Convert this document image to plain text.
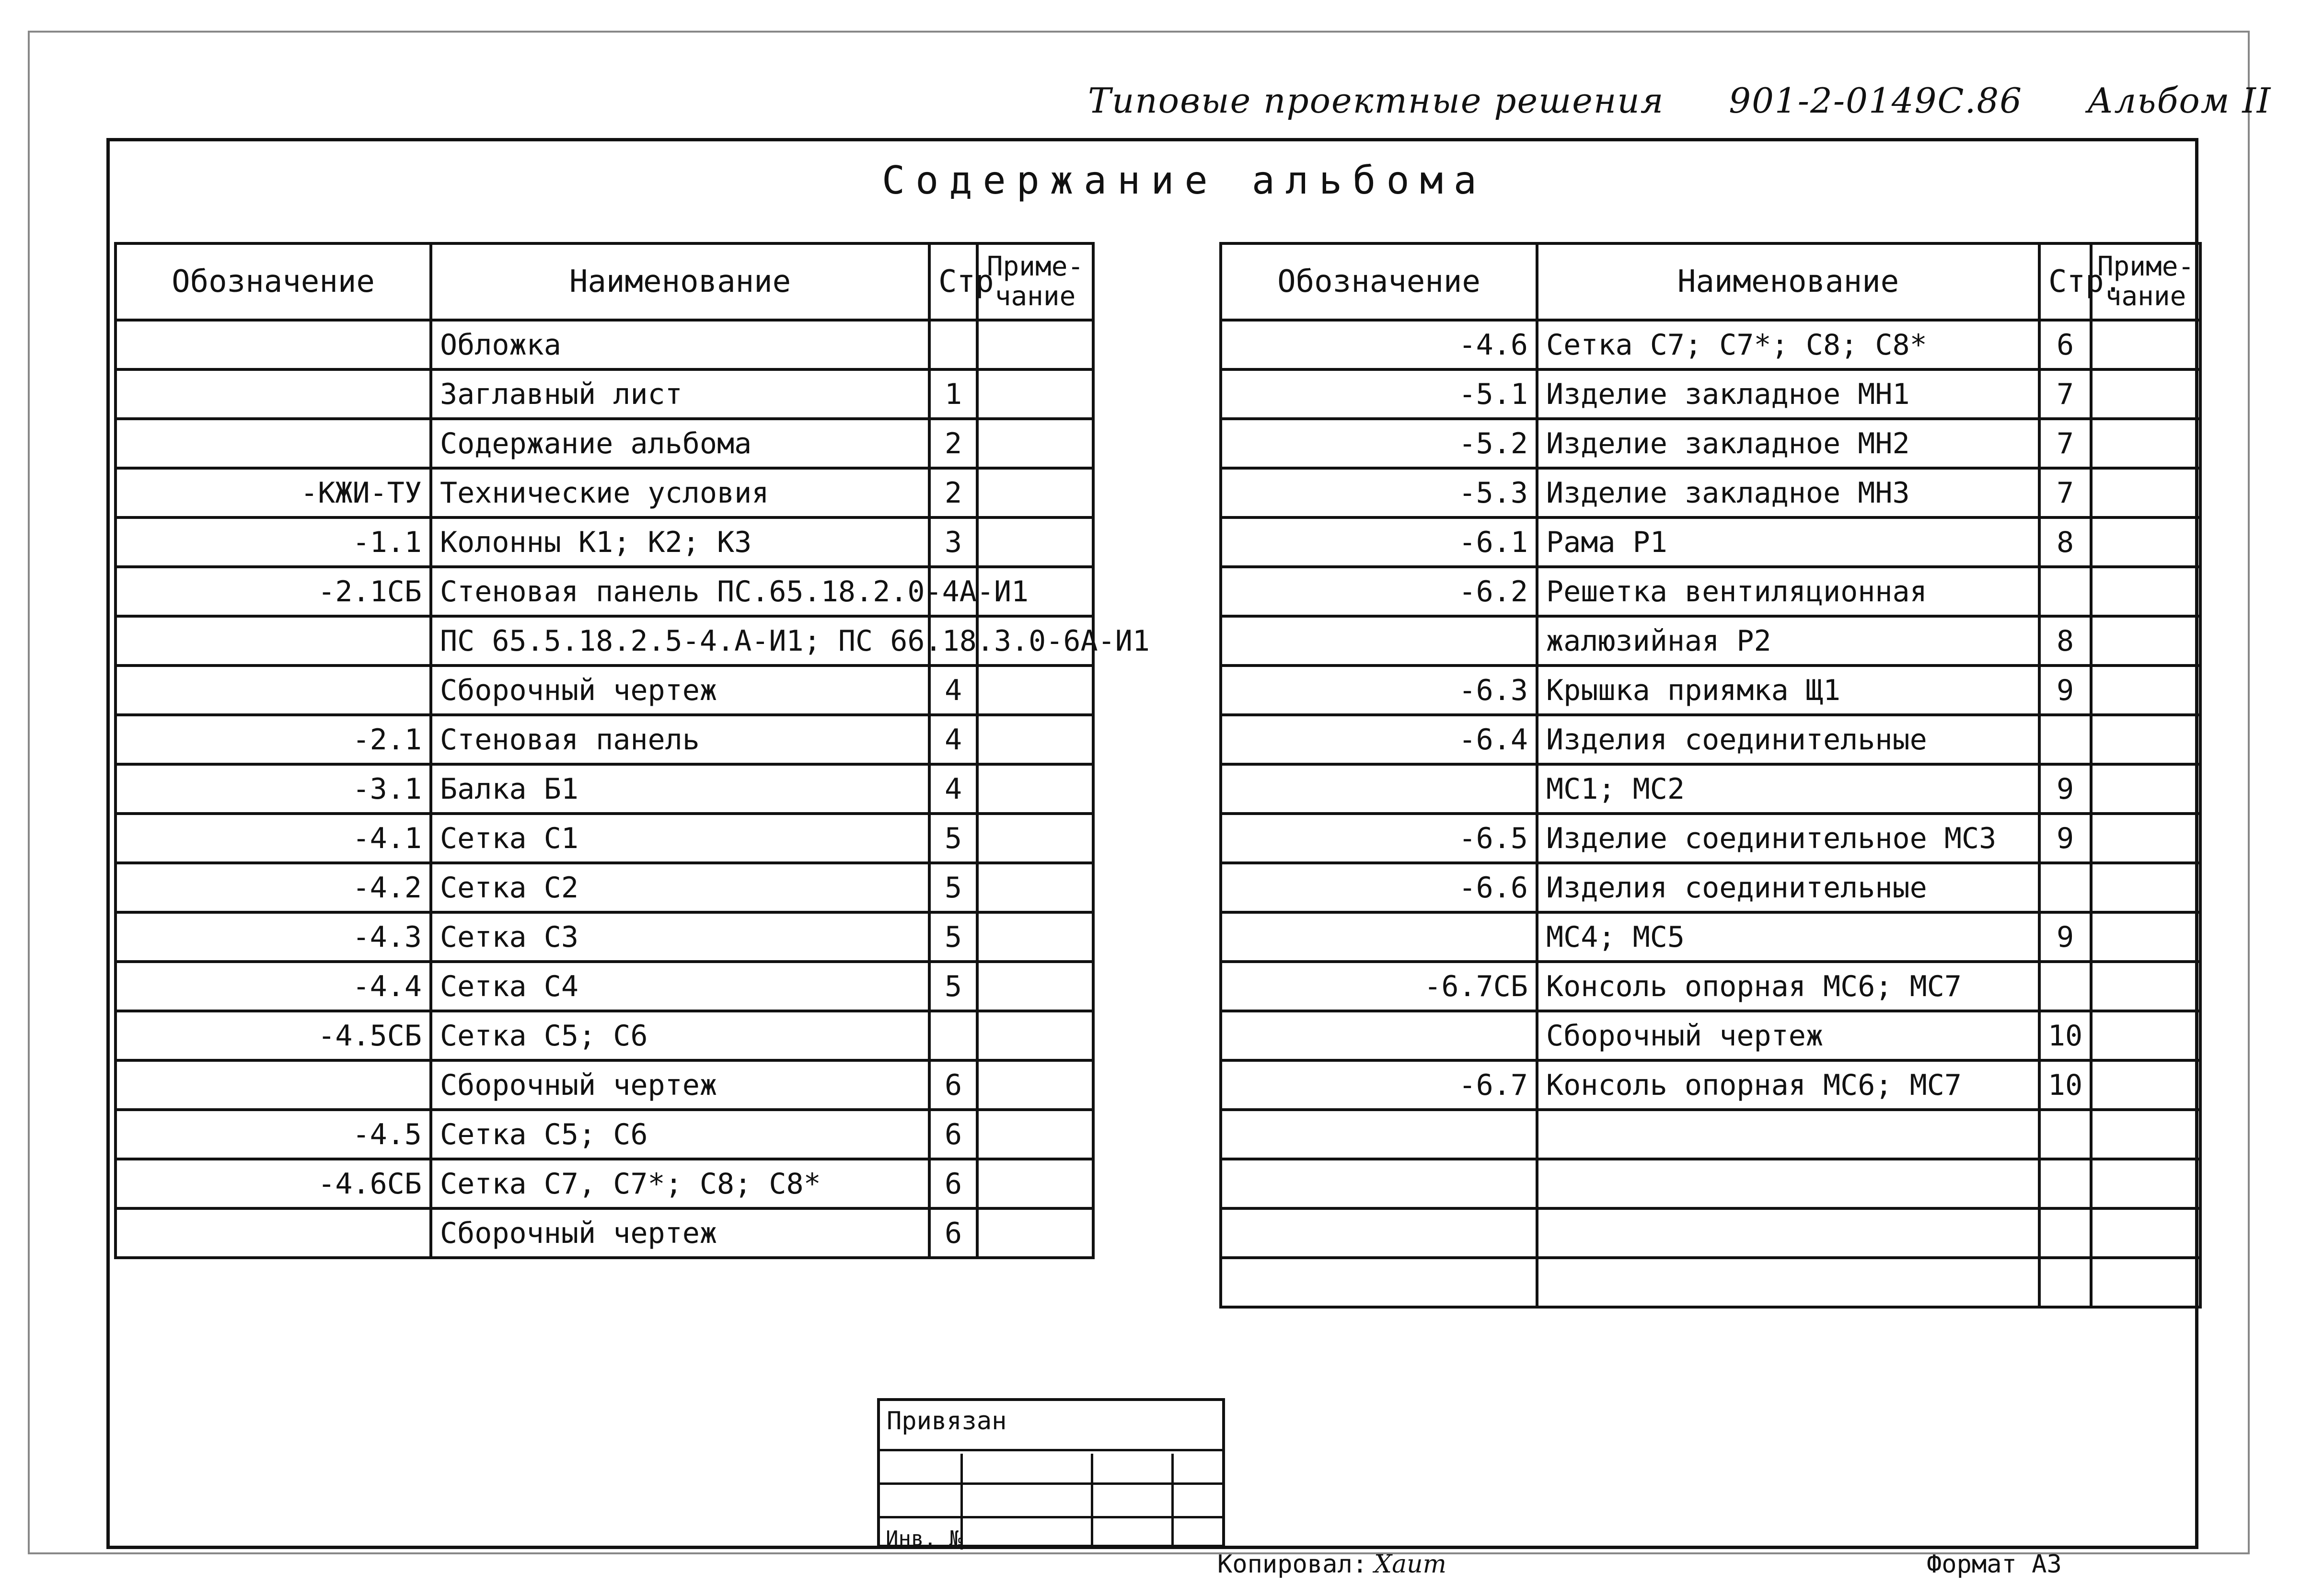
Типовые проектные решения 901-2-0149С.86 Альбом II
Содержание альбома
Обозначение	Наименование	Стр	Приме-чание
	Обложка		
	Заглавный лист	1	
	Содержание альбома	2	
-КЖИ-ТУ	Технические условия	2	
-1.1	Колонны К1; К2; К3	3	
-2.1СБ	Стеновая панель ПС.65.18.2.0-4А-И1		
	ПС 65.5.18.2.5-4.А-И1; ПС 66.18.3.0-6А-И1		
	Сборочный чертеж	4	
-2.1	Стеновая панель	4	
-3.1	Балка Б1	4	
-4.1	Сетка С1	5	
-4.2	Сетка С2	5	
-4.3	Сетка С3	5	
-4.4	Сетка С4	5	
-4.5СБ	Сетка С5; С6		
	Сборочный чертеж	6	
-4.5	Сетка С5; С6	6	
-4.6СБ	Сетка С7, С7*; С8; С8*	6	
	Сборочный чертеж	6	
Обозначение	Наименование	Стр.	Приме-чание
-4.6	Сетка С7; С7*; С8; С8*	6	
-5.1	Изделие закладное МН1	7	
-5.2	Изделие закладное МН2	7	
-5.3	Изделие закладное МН3	7	
-6.1	Рама Р1	8	
-6.2	Решетка вентиляционная		
	жалюзийная Р2	8	
-6.3	Крышка приямка Щ1	9	
-6.4	Изделия соединительные		
	МС1; МС2	9	
-6.5	Изделие соединительное МС3	9	
-6.6	Изделия соединительные		
	МС4; МС5	9	
-6.7СБ	Консоль опорная МС6; МС7		
	Сборочный чертеж	10	
-6.7	Консоль опорная МС6; МС7	10	

Привязан
Инв. №
Копировал: Хаит	Формат А3
